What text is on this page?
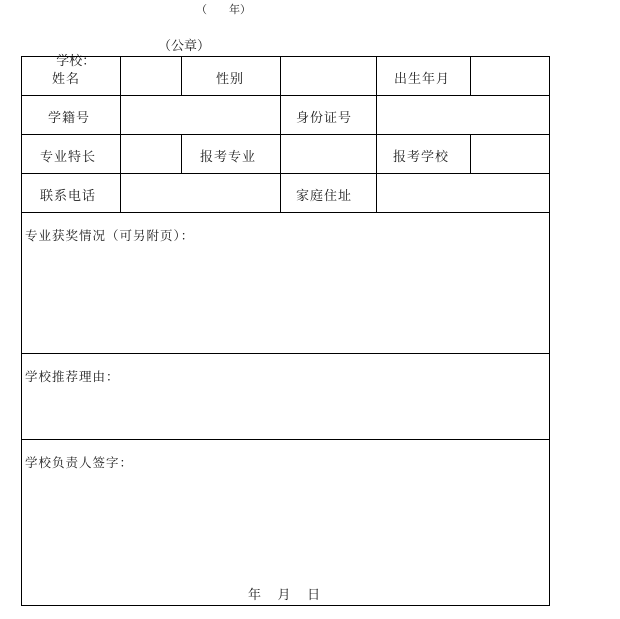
（　　年）

学校：

（公章）

姓名	性别	出生年月
学籍号	身份证号
专业特长	报考专业	报考学校
联系电话	家庭住址
专业获奖情况（可另附页）：
学校推荐理由：
学校负责人签字：
年 月 日
